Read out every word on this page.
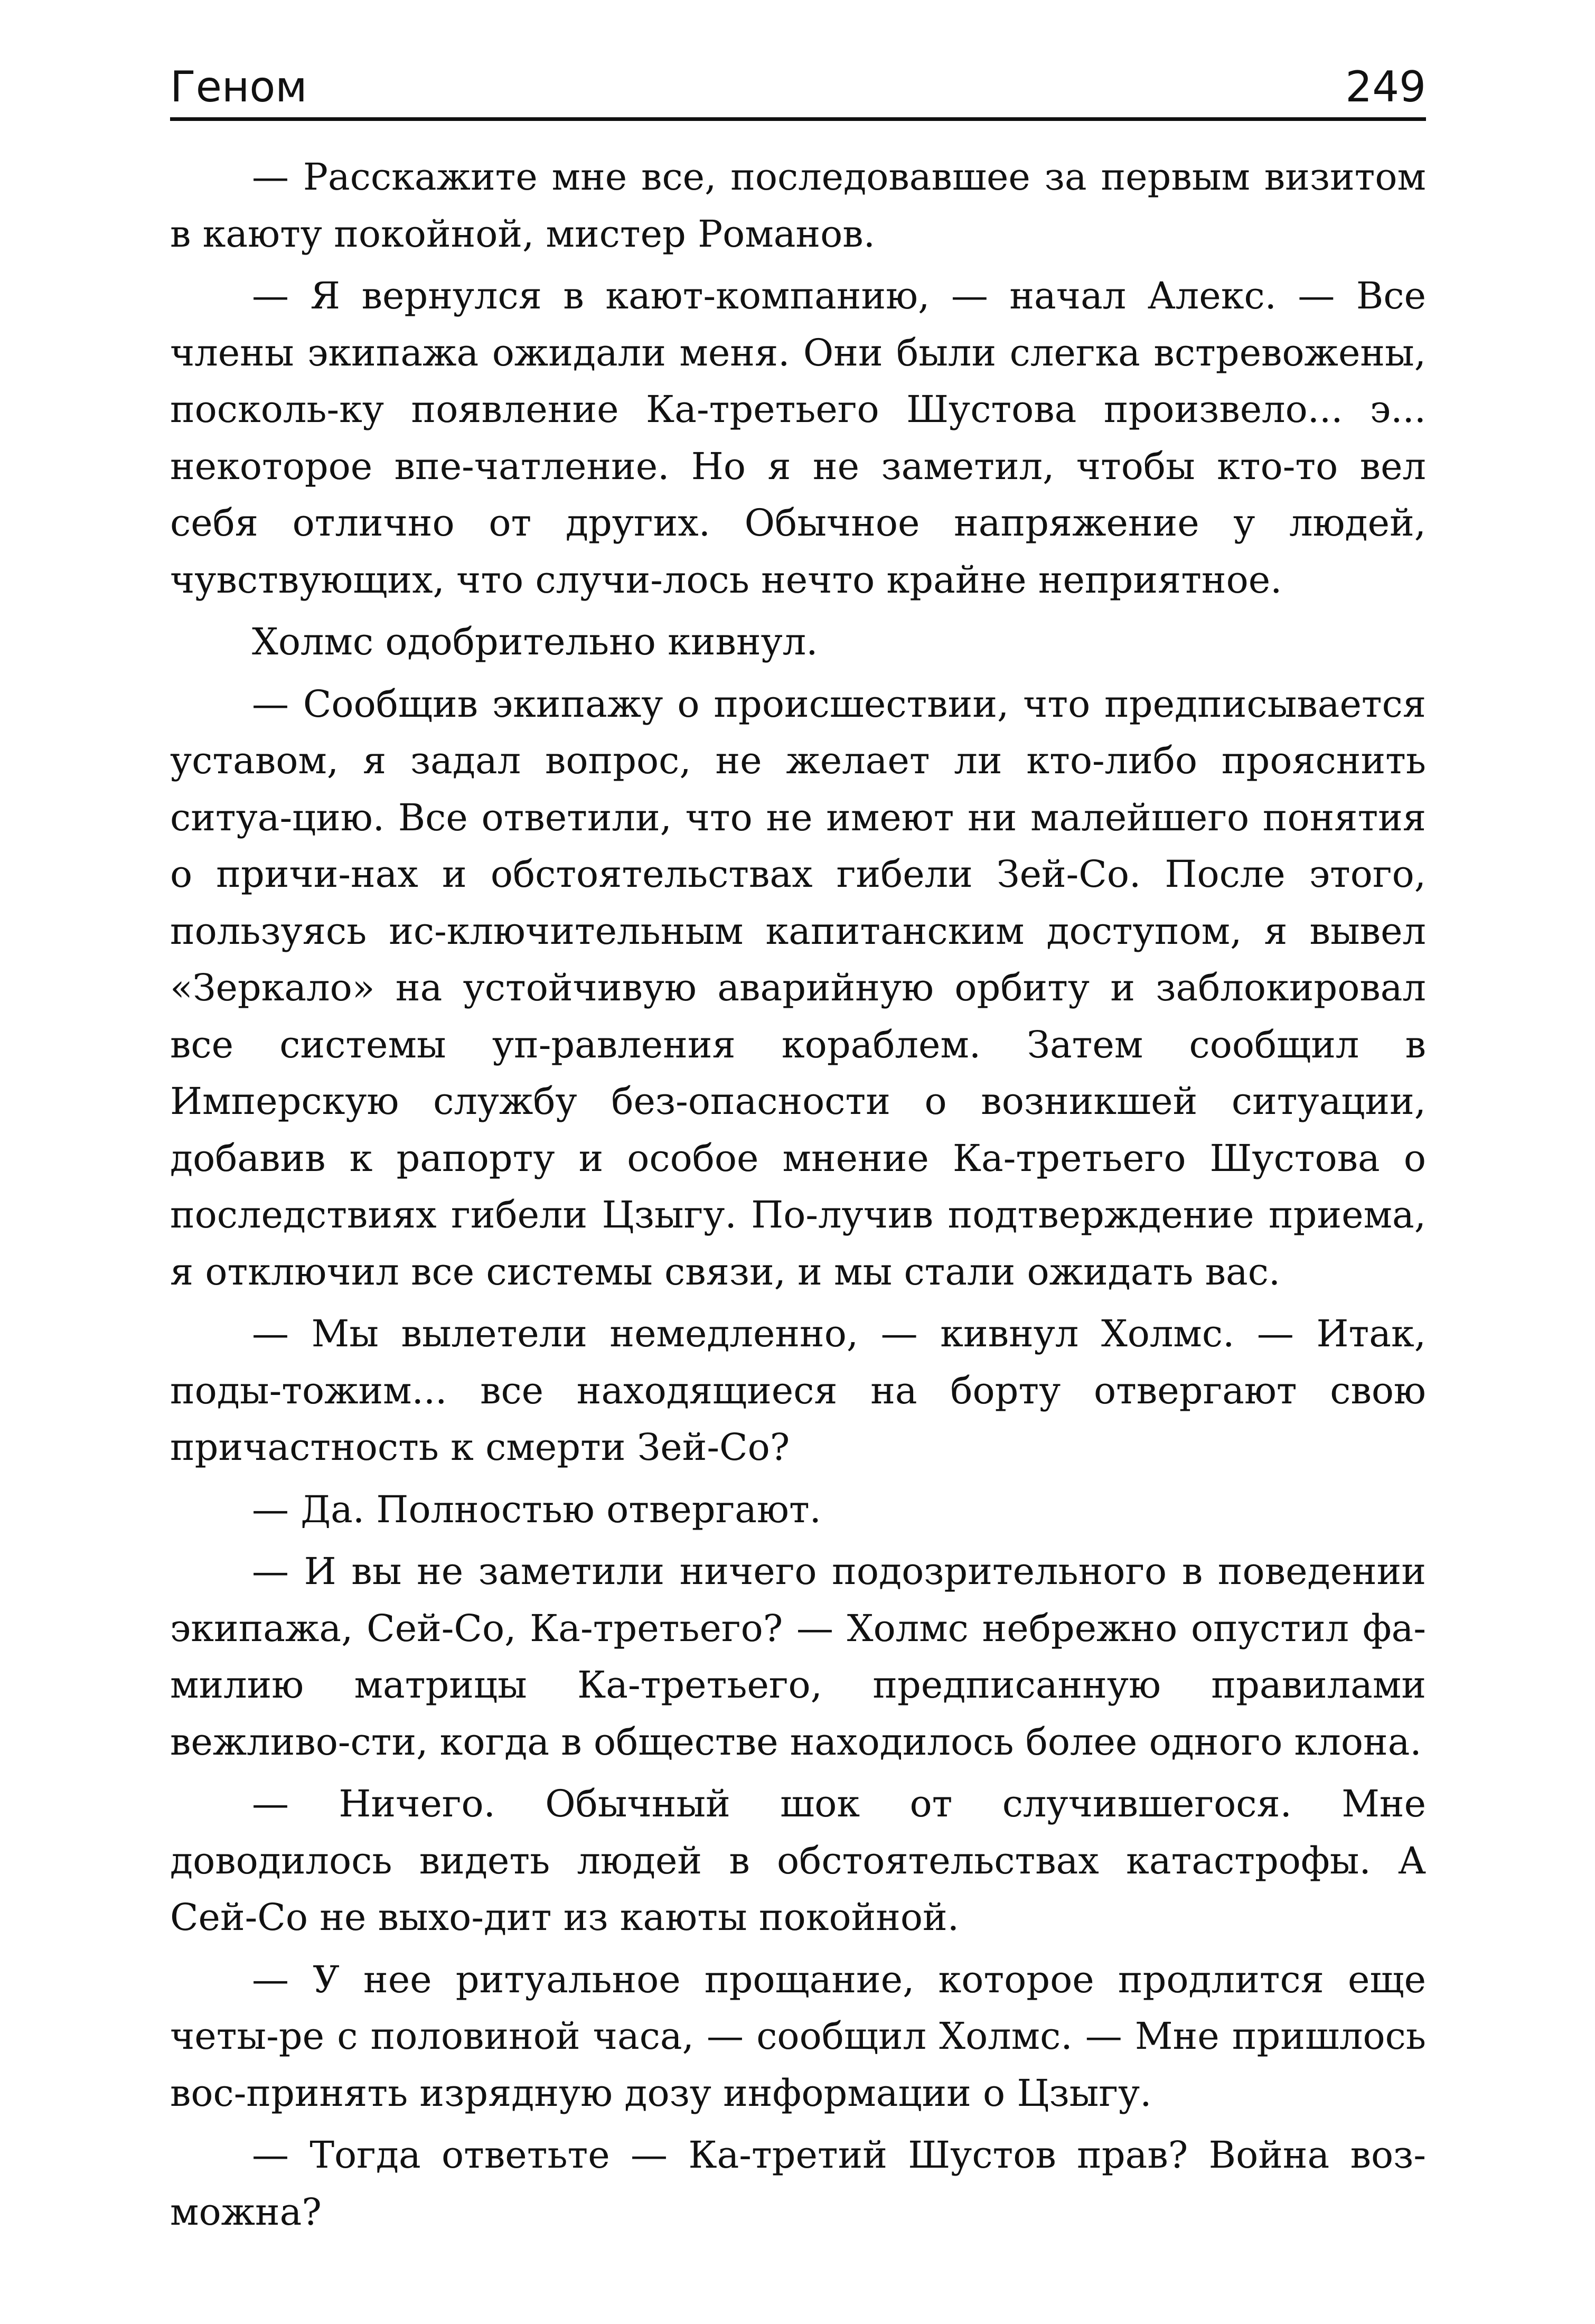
Геном	249

— Расскажите мне все, последовавшее за первым визитом в каюту покойной, мистер Романов.

— Я вернулся в кают-компанию, — начал Алекс. — Все члены экипажа ожидали меня. Они были слегка встревожены, посколь-ку появление Ка-третьего Шустова произвело... э... некоторое впе-чатление. Но я не заметил, чтобы кто-то вел себя отлично от других. Обычное напряжение у людей, чувствующих, что случи-лось нечто крайне неприятное.

Холмс одобрительно кивнул.

— Сообщив экипажу о происшествии, что предписывается уставом, я задал вопрос, не желает ли кто-либо прояснить ситуа-цию. Все ответили, что не имеют ни малейшего понятия о причи-нах и обстоятельствах гибели Зей-Со. После этого, пользуясь ис-ключительным капитанским доступом, я вывел «Зеркало» на устойчивую аварийную орбиту и заблокировал все системы уп-равления кораблем. Затем сообщил в Имперскую службу без-опасности о возникшей ситуации, добавив к рапорту и особое мнение Ка-третьего Шустова о последствиях гибели Цзыгу. По-лучив подтверждение приема, я отключил все системы связи, и мы стали ожидать вас.

— Мы вылетели немедленно, — кивнул Холмс. — Итак, поды-тожим... все находящиеся на борту отвергают свою причастность к смерти Зей-Со?

— Да. Полностью отвергают.

— И вы не заметили ничего подозрительного в поведении экипажа, Сей-Со, Ка-третьего? — Холмс небрежно опустил фа-милию матрицы Ка-третьего, предписанную правилами вежливо-сти, когда в обществе находилось более одного клона.

— Ничего. Обычный шок от случившегося. Мне доводилось видеть людей в обстоятельствах катастрофы. А Сей-Со не выхо-дит из каюты покойной.

— У нее ритуальное прощание, которое продлится еще четы-ре с половиной часа, — сообщил Холмс. — Мне пришлось вос-принять изрядную дозу информации о Цзыгу.

— Тогда ответьте — Ка-третий Шустов прав? Война воз-можна?
